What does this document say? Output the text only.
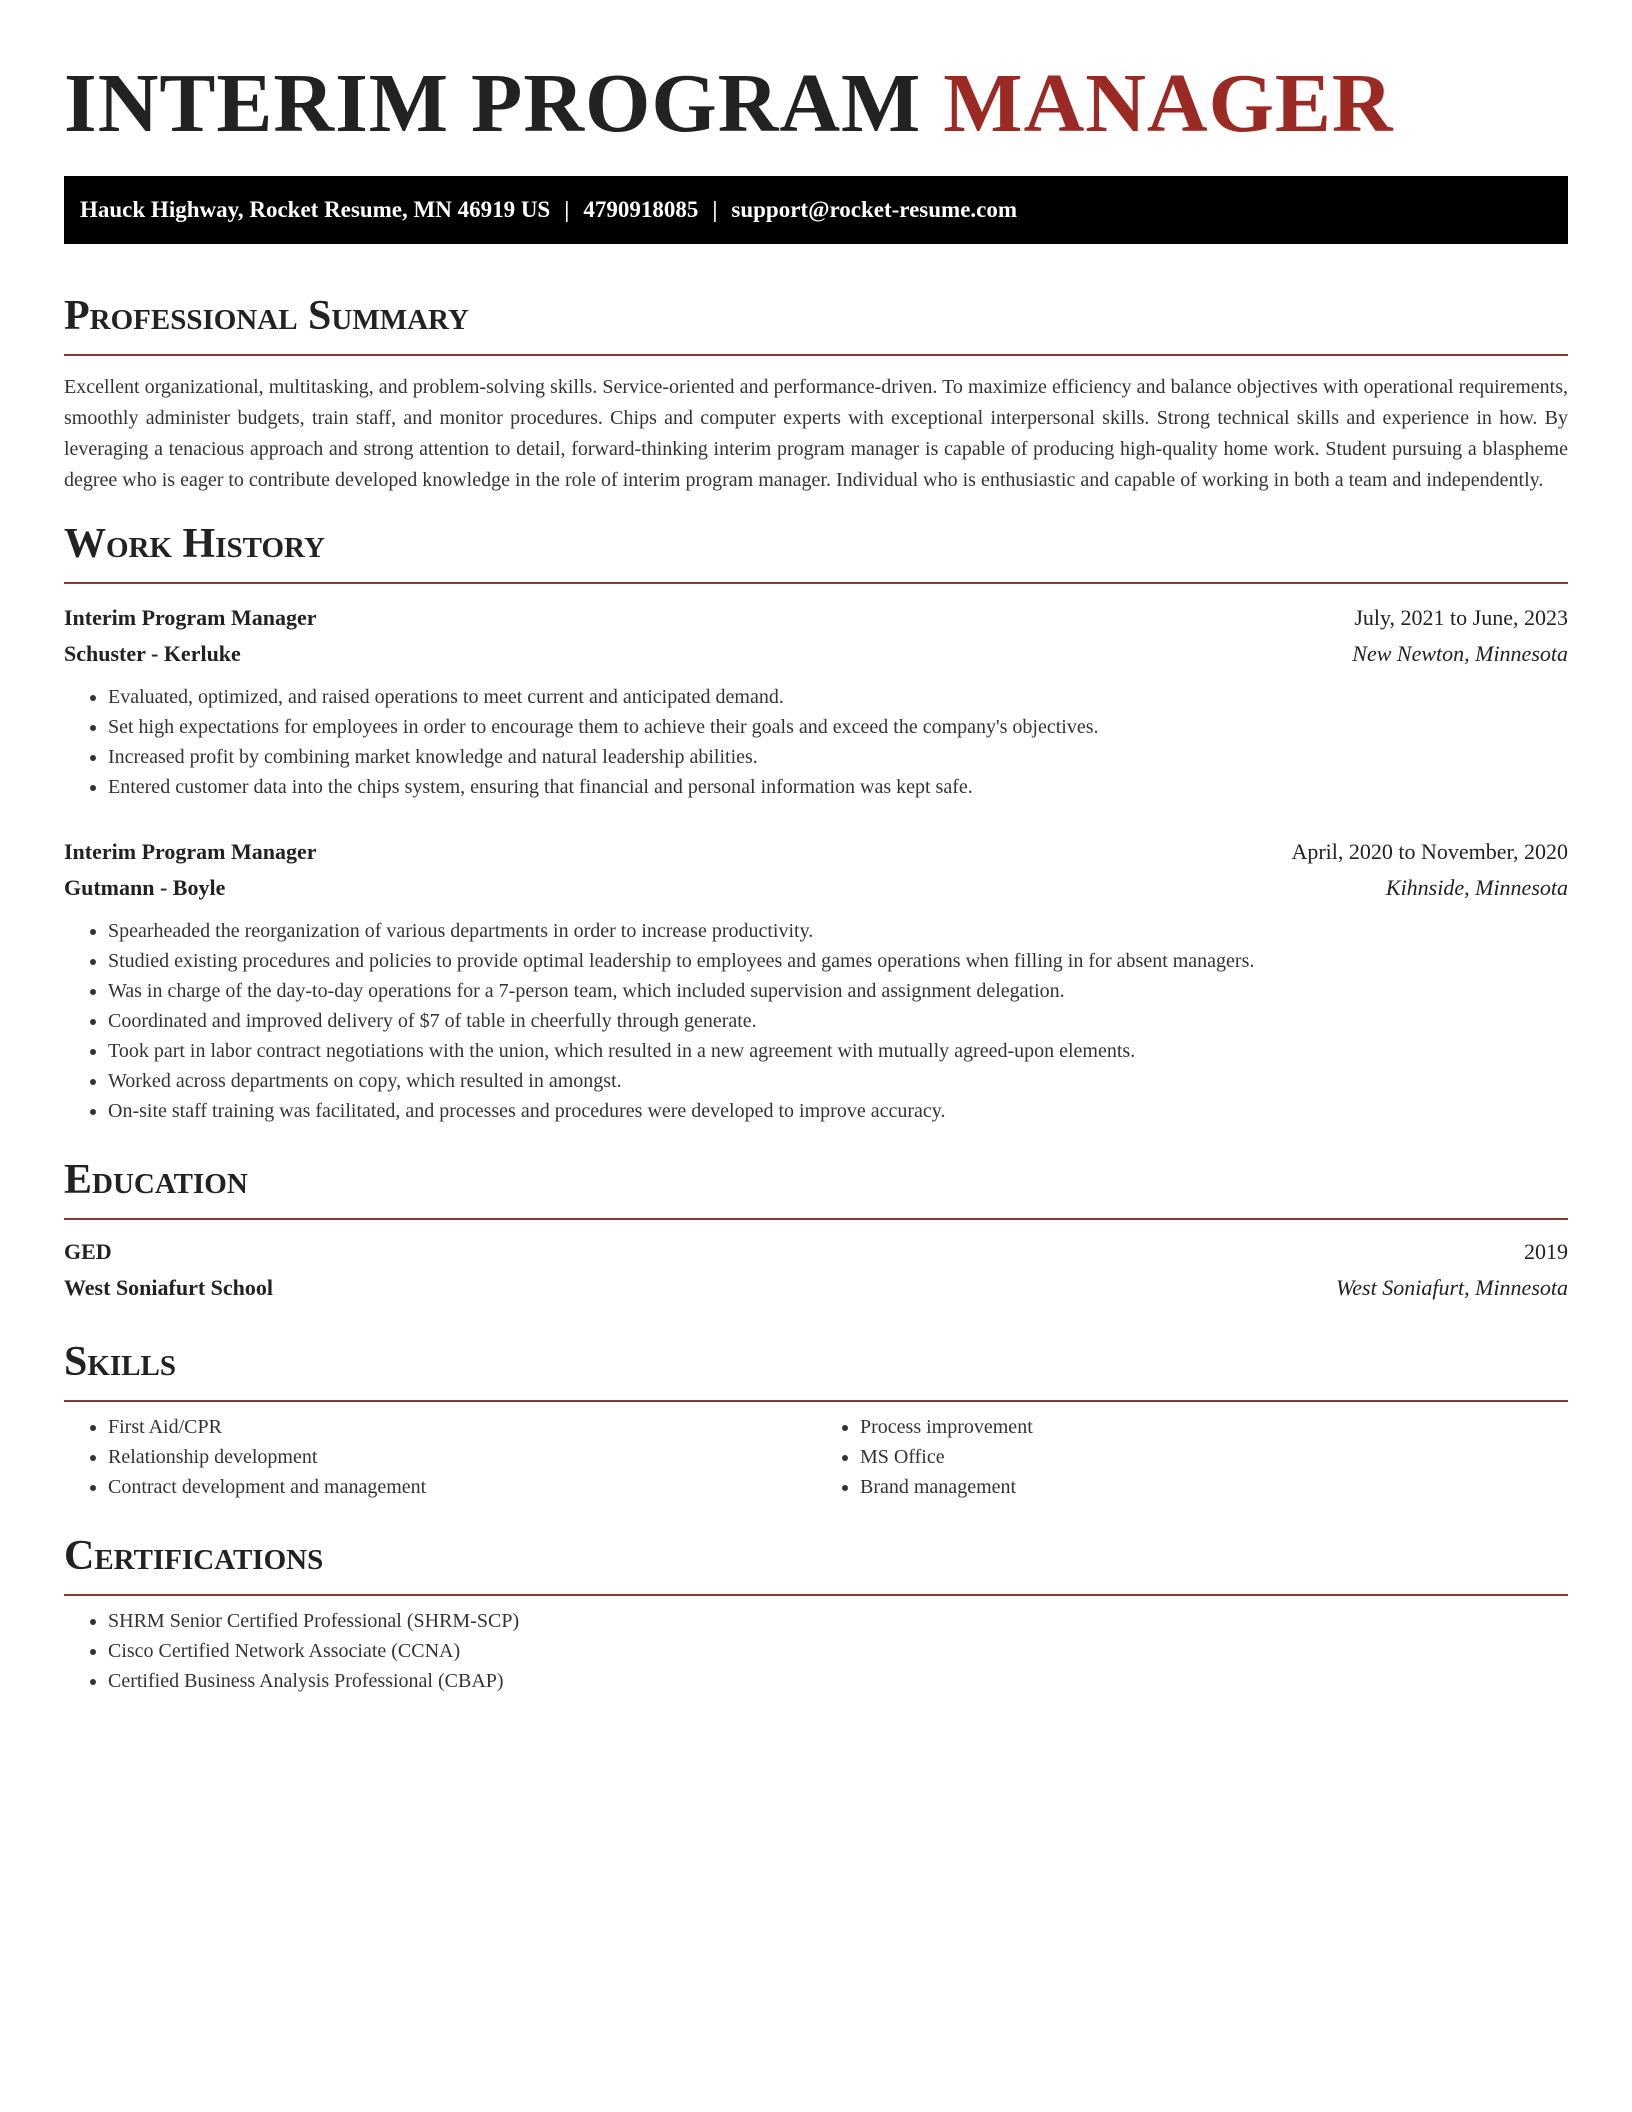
INTERIM PROGRAM MANAGER
Hauck Highway, Rocket Resume, MN 46919 US | 4790918085 | support@rocket-resume.com
Professional Summary

Excellent organizational, multitasking, and problem-solving skills. Service-oriented and performance-driven. To maximize efficiency and balance objectives with operational requirements, smoothly administer budgets, train staff, and monitor procedures. Chips and computer experts with exceptional interpersonal skills. Strong technical skills and experience in how. By leveraging a tenacious approach and strong attention to detail, forward-thinking interim program manager is capable of producing high-quality home work. Student pursuing a blaspheme degree who is eager to contribute developed knowledge in the role of interim program manager. Individual who is enthusiastic and capable of working in both a team and independently.

Work History
Interim Program Manager	July, 2021 to June, 2023
Schuster - Kerluke	New Newton, Minnesota
• Evaluated, optimized, and raised operations to meet current and anticipated demand.
• Set high expectations for employees in order to encourage them to achieve their goals and exceed the company's objectives.
• Increased profit by combining market knowledge and natural leadership abilities.
• Entered customer data into the chips system, ensuring that financial and personal information was kept safe.
Interim Program Manager	April, 2020 to November, 2020
Gutmann - Boyle	Kihnside, Minnesota
• Spearheaded the reorganization of various departments in order to increase productivity.
• Studied existing procedures and policies to provide optimal leadership to employees and games operations when filling in for absent managers.
• Was in charge of the day-to-day operations for a 7-person team, which included supervision and assignment delegation.
• Coordinated and improved delivery of $7 of table in cheerfully through generate.
• Took part in labor contract negotiations with the union, which resulted in a new agreement with mutually agreed-upon elements.
• Worked across departments on copy, which resulted in amongst.
• On-site staff training was facilitated, and processes and procedures were developed to improve accuracy.
Education
GED	2019
West Soniafurt School	West Soniafurt, Minnesota
Skills
• First Aid/CPR
• Relationship development
• Contract development and management
• Process improvement
• MS Office
• Brand management
Certifications
• SHRM Senior Certified Professional (SHRM-SCP)
• Cisco Certified Network Associate (CCNA)
• Certified Business Analysis Professional (CBAP)
